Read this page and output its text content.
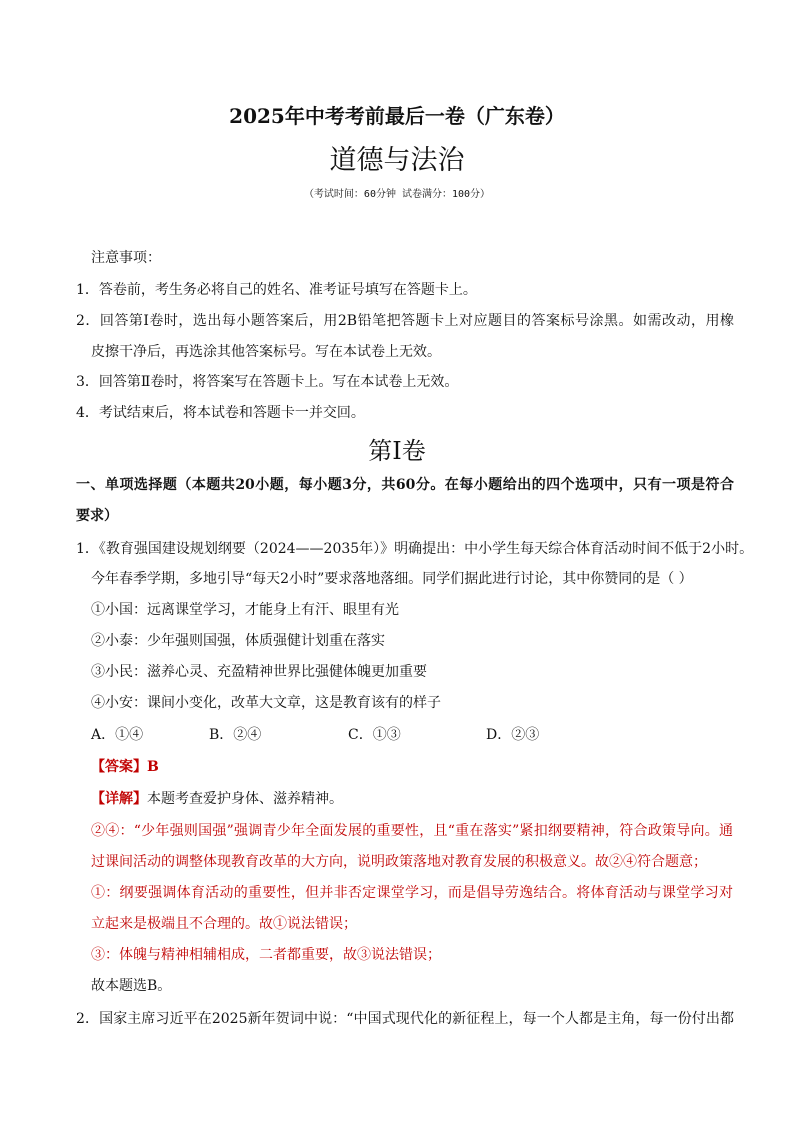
2025年中考考前最后一卷（广东卷）
道德与法治
（考试时间：60分钟 试卷满分：100分）
注意事项：
1．答卷前，考生务必将自己的姓名、准考证号填写在答题卡上。
2．回答第Ⅰ卷时，选出每小题答案后，用2B铅笔把答题卡上对应题目的答案标号涂黑。如需改动，用橡
皮擦干净后，再选涂其他答案标号。写在本试卷上无效。
3．回答第Ⅱ卷时，将答案写在答题卡上。写在本试卷上无效。
4．考试结束后，将本试卷和答题卡一并交回。
第I卷
一、单项选择题（本题共20小题，每小题3分，共60分。在每小题给出的四个选项中，只有一项是符合
要求）
1．《教育强国建设规划纲要（2024——2035年）》明确提出：中小学生每天综合体育活动时间不低于2小时。
今年春季学期，多地引导“每天2小时”要求落地落细。同学们据此进行讨论，其中你赞同的是（ ）
①小国：远离课堂学习，才能身上有汗、眼里有光
②小泰：少年强则国强，体质强健计划重在落实
③小民：滋养心灵、充盈精神世界比强健体魄更加重要
④小安：课间小变化，改革大文章，这是教育该有的样子
A．①④	B．②④	C．①③	D．②③
【答案】B
【详解】本题考查爱护身体、滋养精神。
②④：“少年强则国强”强调青少年全面发展的重要性，且“重在落实”紧扣纲要精神，符合政策导向。通
过课间活动的调整体现教育改革的大方向，说明政策落地对教育发展的积极意义。故②④符合题意；
①：纲要强调体育活动的重要性，但并非否定课堂学习，而是倡导劳逸结合。将体育活动与课堂学习对
立起来是极端且不合理的。故①说法错误；
③：体魄与精神相辅相成，二者都重要，故③说法错误；
故本题选B。
2．国家主席习近平在2025新年贺词中说：“中国式现代化的新征程上，每一个人都是主角，每一份付出都
